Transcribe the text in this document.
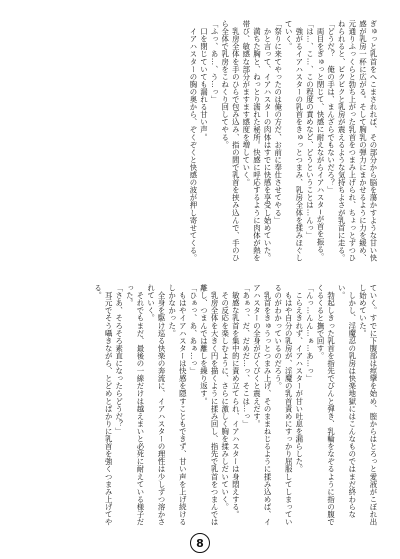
ぎゅっと乳首をへこまされれば、その部分から脳を蕩かすような甘い快感が乳房一杯に広がる。そして胸乳の弾力にまかせるように力を緩め、元通りふっくらと勃ち上がった乳首をつまみ上げられ、ちょっとずつひねられると、ビクビクと乳房が震えるような気持ちよさが乳首に走る。
「どうだ？　俺の手は、まんざらでもないだろ？」
　両目をぎゅっと閉じて、快感に耐えながらイアハスタ−が首を振る。
「は…、こ…、この程度の責めなど、どうということは…んっ」
　強がるイアハスターの乳首をきゅっとつまみ、乳房全体を揉みほぐしていく。
「祭りに来てやったのは俺の方だ、お前に奉仕させてやる」
　かと言って、イアハスターの肉体はすでに快感を享受し始めていた。
　満ちた胸と、ねっとり濡れた秘所。快感に呼応するように肉体が熱を帯び、敏感な部分がますます感度を増していく。
　乳房全体を手のひらで包み込み、指の間で乳首を挟み込んで、手のひら全体で乳房をこねくり回してやる。
「ふっ、あ…、う…っ」
　口を閉じていても漏れる甘い声。
　イアハスターの胸の奥から、ぞくぞくと快感の波が押し寄せてくる。
ていく。すでに下腹部は痙攣を始め、膣からはとろっと愛液がこぼれ出し始めていた。
　しかし、淫魔忍の乳房は快楽地獄にはこんなものではまだ終わらない。
　勃起しきった乳首を指先でぴんと弾き、乳輪をなぞるように指の腹でくるくると撫で回す。
「んっ…んん…ぁ…あ…っ」
　こらえきれず、イアハスターが甘い吐息を漏らした。
　もはや自分の乳房が、淫魔の乳首責めにすっかり屈服してしまっているのがわかっているのだろう。
　乳首をきゅうっとつまみ上げ、そのままねじるように揉み込めば、イアハスターの全身がびくびくと震えだす。
「あぁっ、だ、だめだ…っ、そこは…っ」
　敏感な乳首を集中的に責め立てられ、イアハスターは身悶えする。
　その反応を楽しむように、さらに激しく胸を揉みしだいていく。
　乳房全体を大きく円を描くように揉み回し、指先で乳首をつまんでは離し、つまんでは離しを繰り返す。
「ひぁっ、あ、あぁ…っ」
　もはやイアハスターは快感を隠すこともできず、甘い声を上げ続けるしかなかった。
　全身を駆け巡る快楽の奔流に、イアハスターの理性は少しずつ溶かされていく。
　それでもまだ、最後の一線だけは越えまいと必死に耐えている様子だった。
「さあ、そろそろ素直になったらどうだ？」
　耳元でそう囁きながら、とどめとばかりに乳首を強くつまみ上げてやる。
8
